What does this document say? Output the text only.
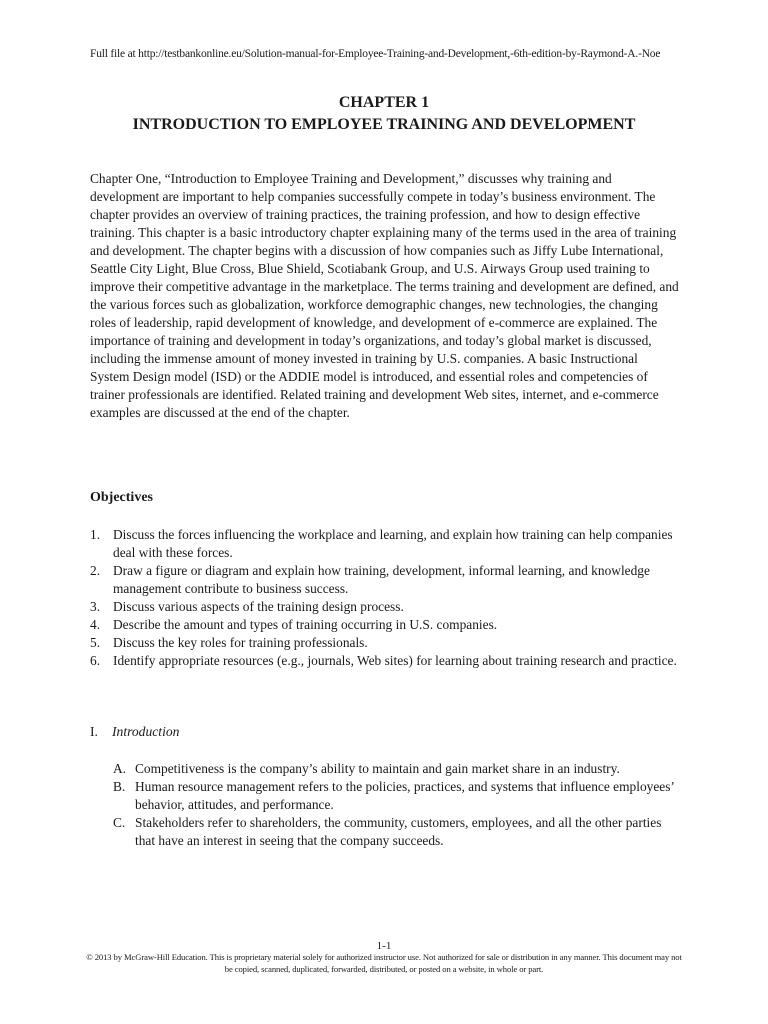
Full file at http://testbankonline.eu/Solution-manual-for-Employee-Training-and-Development,-6th-edition-by-Raymond-A.-Noe
CHAPTER 1
INTRODUCTION TO EMPLOYEE TRAINING AND DEVELOPMENT

Chapter One, “Introduction to Employee Training and Development,” discusses why training and development are important to help companies successfully compete in today’s business environment. The chapter provides an overview of training practices, the training profession, and how to design effective training. This chapter is a basic introductory chapter explaining many of the terms used in the area of training and development. The chapter begins with a discussion of how companies such as Jiffy Lube International, Seattle City Light, Blue Cross, Blue Shield, Scotiabank Group, and U.S. Airways Group used training to improve their competitive advantage in the marketplace. The terms training and development are defined, and the various forces such as globalization, workforce demographic changes, new technologies, the changing roles of leadership, rapid development of knowledge, and development of e-commerce are explained. The importance of training and development in today’s organizations, and today’s global market is discussed, including the immense amount of money invested in training by U.S. companies. A basic Instructional System Design model (ISD) or the ADDIE model is introduced, and essential roles and competencies of trainer professionals are identified. Related training and development Web sites, internet, and e-commerce examples are discussed at the end of the chapter.

Objectives
1. Discuss the forces influencing the workplace and learning, and explain how training can help companies deal with these forces.
2. Draw a figure or diagram and explain how training, development, informal learning, and knowledge management contribute to business success.
3. Discuss various aspects of the training design process.
4. Describe the amount and types of training occurring in U.S. companies.
5. Discuss the key roles for training professionals.
6. Identify appropriate resources (e.g., journals, Web sites) for learning about training research and practice.
I. Introduction
A. Competitiveness is the company’s ability to maintain and gain market share in an industry.
B. Human resource management refers to the policies, practices, and systems that influence employees’ behavior, attitudes, and performance.
C. Stakeholders refer to shareholders, the community, customers, employees, and all the other parties that have an interest in seeing that the company succeeds.
1-1
© 2013 by McGraw-Hill Education. This is proprietary material solely for authorized instructor use. Not authorized for sale or distribution in any manner. This document may not be copied, scanned, duplicated, forwarded, distributed, or posted on a website, in whole or part.
